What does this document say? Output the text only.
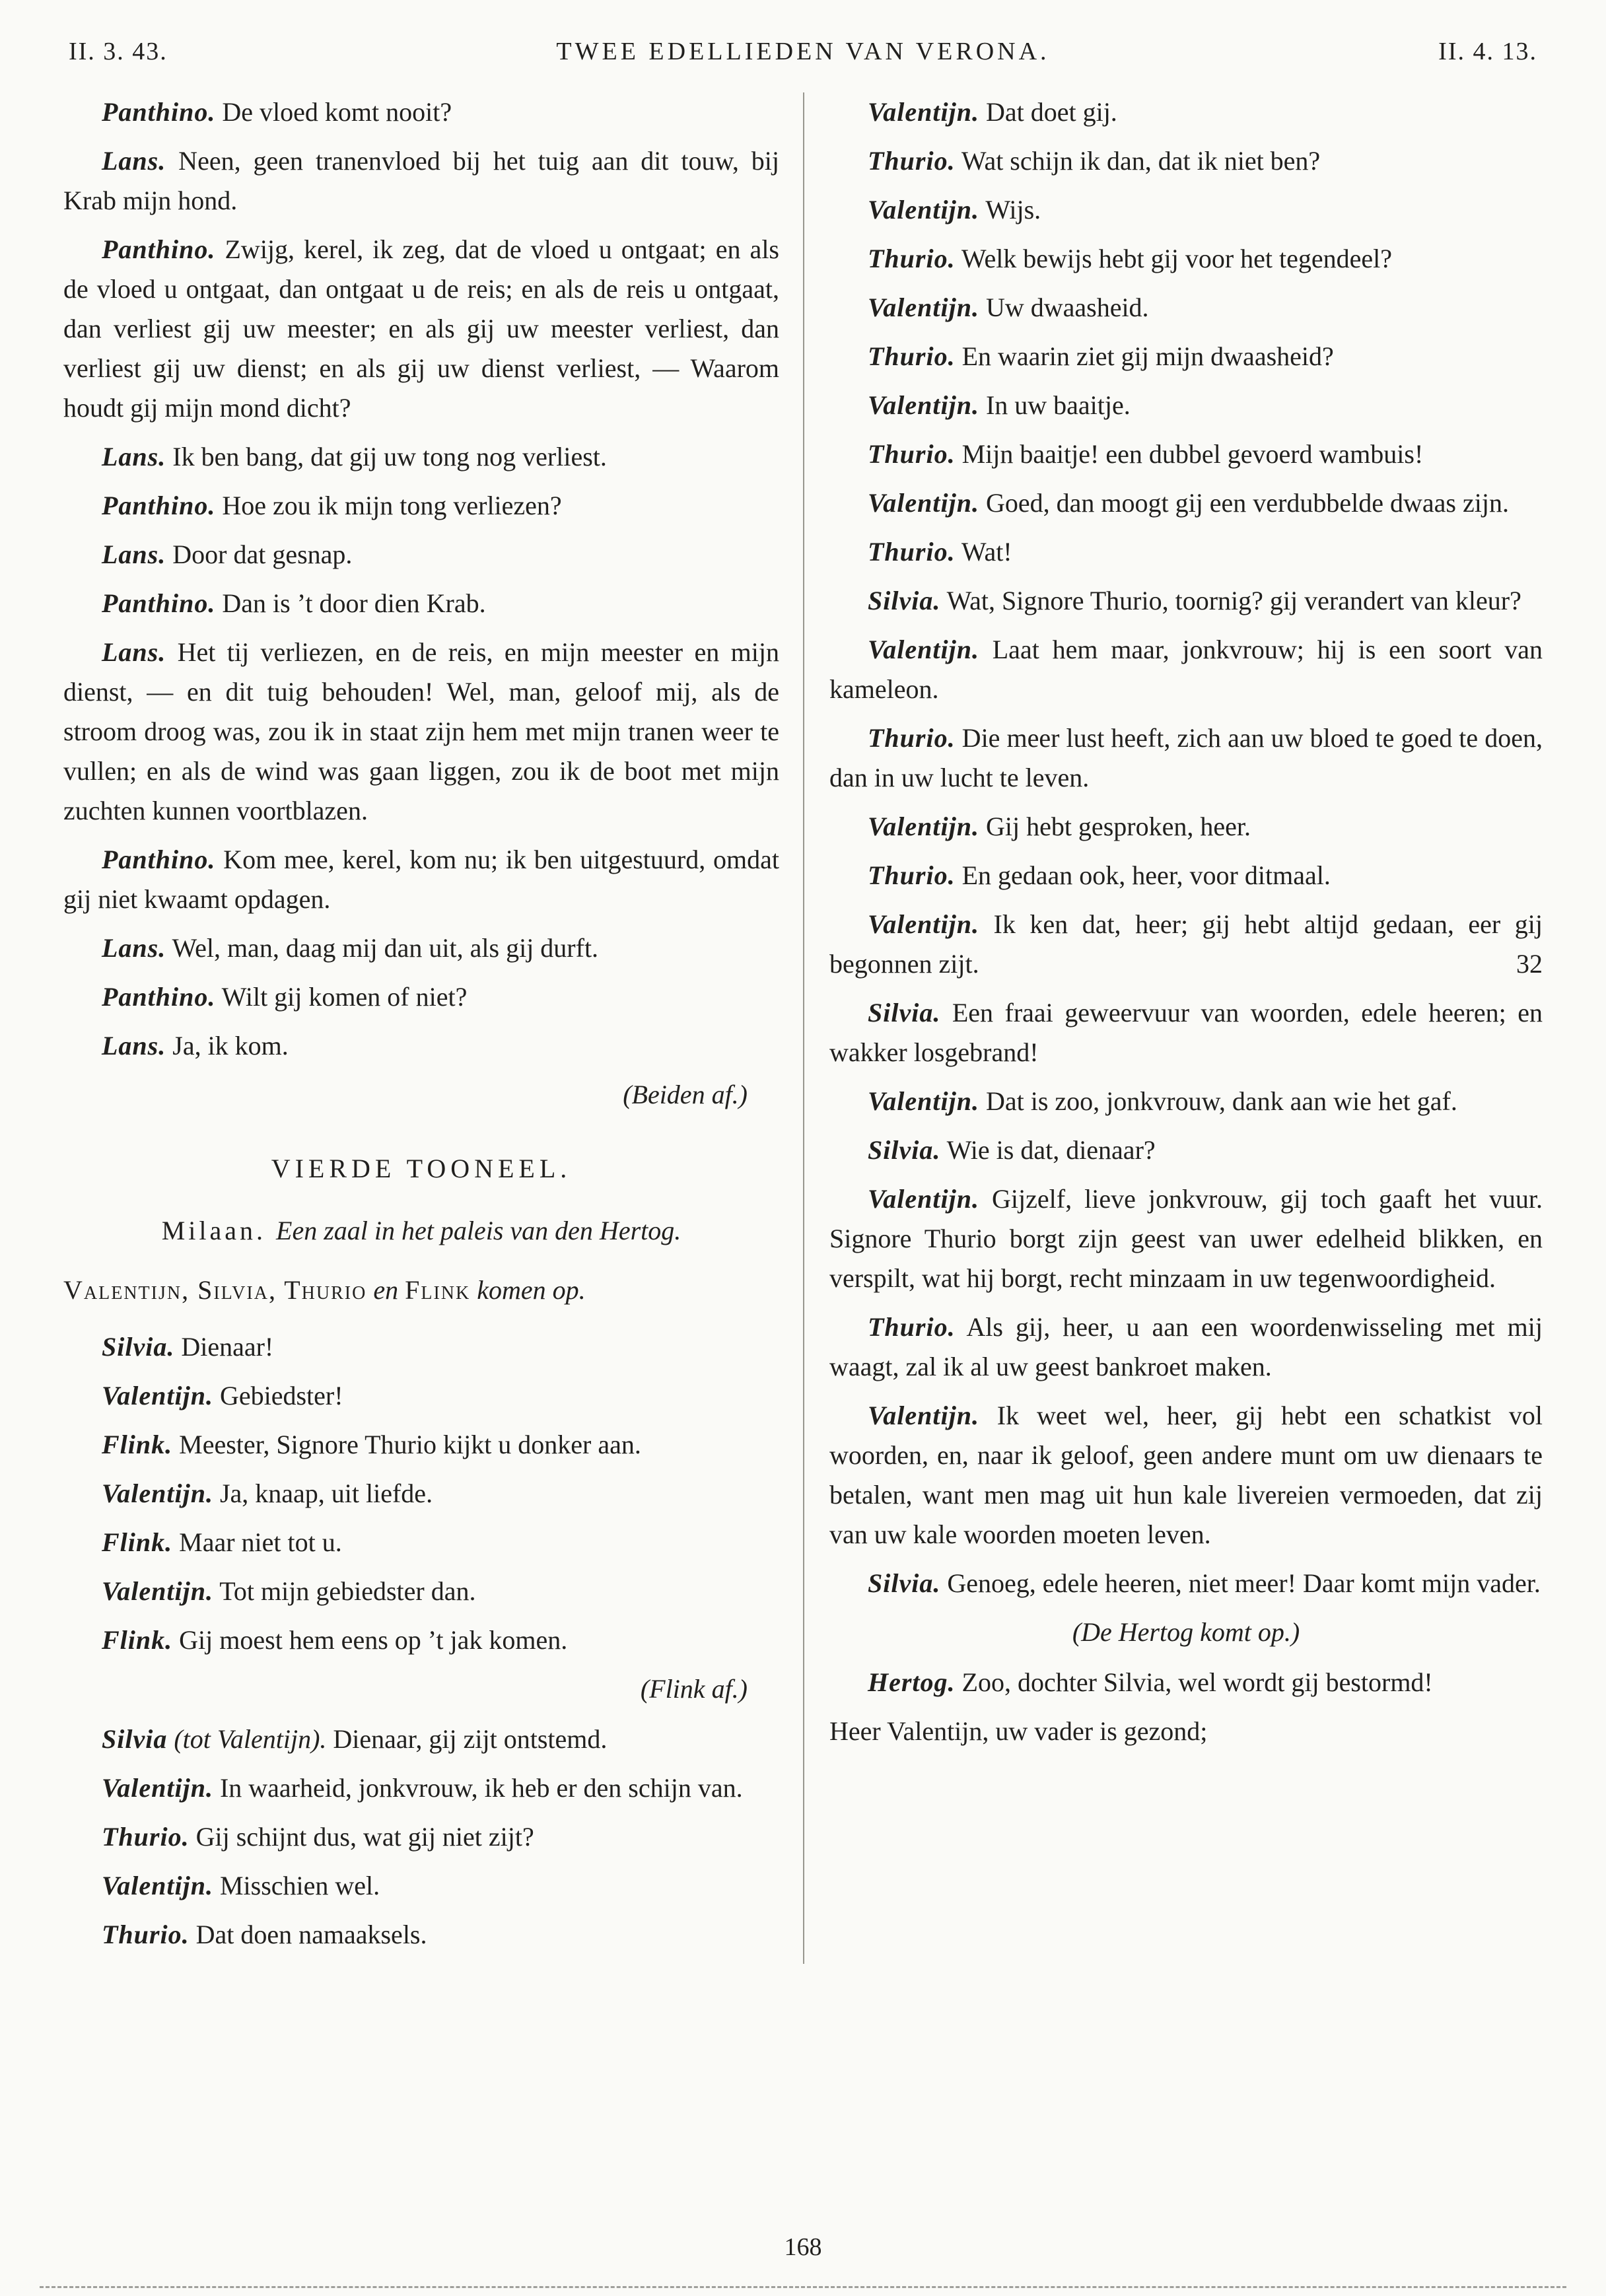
II. 3. 43.	TWEE EDELLIEDEN VAN VERONA.	II. 4. 13.

Panthino. De vloed komt nooit?

Lans. Neen, geen tranenvloed bij het tuig aan dit touw, bij Krab mijn hond.

Panthino. Zwijg, kerel, ik zeg, dat de vloed u ontgaat; en als de vloed u ontgaat, dan ontgaat u de reis; en als de reis u ontgaat, dan verliest gij uw meester; en als gij uw meester verliest, dan verliest gij uw dienst; en als gij uw dienst verliest, — Waarom houdt gij mijn mond dicht?

Lans. Ik ben bang, dat gij uw tong nog verliest.

Panthino. Hoe zou ik mijn tong verliezen?

Lans. Door dat gesnap.

Panthino. Dan is ’t door dien Krab.

Lans. Het tij verliezen, en de reis, en mijn meester en mijn dienst, — en dit tuig behouden! Wel, man, geloof mij, als de stroom droog was, zou ik in staat zijn hem met mijn tranen weer te vullen; en als de wind was gaan liggen, zou ik de boot met mijn zuchten kunnen voortblazen.

Panthino. Kom mee, kerel, kom nu; ik ben uitgestuurd, omdat gij niet kwaamt opdagen.

Lans. Wel, man, daag mij dan uit, als gij durft.

Panthino. Wilt gij komen of niet?

Lans. Ja, ik kom.

(Beiden af.)

VIERDE TOONEEL.

Milaan. Een zaal in het paleis van den Hertog.

Valentijn, Silvia, Thurio en Flink komen op.

Silvia. Dienaar!

Valentijn. Gebiedster!

Flink. Meester, Signore Thurio kijkt u donker aan.

Valentijn. Ja, knaap, uit liefde.

Flink. Maar niet tot u.

Valentijn. Tot mijn gebiedster dan.

Flink. Gij moest hem eens op ’t jak komen.

(Flink af.)

Silvia (tot Valentijn). Dienaar, gij zijt ontstemd.

Valentijn. In waarheid, jonkvrouw, ik heb er den schijn van.

Thurio. Gij schijnt dus, wat gij niet zijt?

Valentijn. Misschien wel.

Thurio. Dat doen namaaksels.

Valentijn. Dat doet gij.

Thurio. Wat schijn ik dan, dat ik niet ben?

Valentijn. Wijs.

Thurio. Welk bewijs hebt gij voor het tegendeel?

Valentijn. Uw dwaasheid.

Thurio. En waarin ziet gij mijn dwaasheid?

Valentijn. In uw baaitje.

Thurio. Mijn baaitje! een dubbel gevoerd wambuis!

Valentijn. Goed, dan moogt gij een verdubbelde dwaas zijn.

Thurio. Wat!

Silvia. Wat, Signore Thurio, toornig? gij verandert van kleur?

Valentijn. Laat hem maar, jonkvrouw; hij is een soort van kameleon.

Thurio. Die meer lust heeft, zich aan uw bloed te goed te doen, dan in uw lucht te leven.

Valentijn. Gij hebt gesproken, heer.

Thurio. En gedaan ook, heer, voor ditmaal.

Valentijn. Ik ken dat, heer; gij hebt altijd gedaan, eer gij begonnen zijt.	32

Silvia. Een fraai geweervuur van woorden, edele heeren; en wakker losgebrand!

Valentijn. Dat is zoo, jonkvrouw, dank aan wie het gaf.

Silvia. Wie is dat, dienaar?

Valentijn. Gijzelf, lieve jonkvrouw, gij toch gaaft het vuur. Signore Thurio borgt zijn geest van uwer edelheid blikken, en verspilt, wat hij borgt, recht minzaam in uw tegenwoordigheid.

Thurio. Als gij, heer, u aan een woordenwisseling met mij waagt, zal ik al uw geest bankroet maken.

Valentijn. Ik weet wel, heer, gij hebt een schatkist vol woorden, en, naar ik geloof, geen andere munt om uw dienaars te betalen, want men mag uit hun kale livereien vermoeden, dat zij van uw kale woorden moeten leven.

Silvia. Genoeg, edele heeren, niet meer! Daar komt mijn vader.

(De Hertog komt op.)

Hertog. Zoo, dochter Silvia, wel wordt gij bestormd!

Heer Valentijn, uw vader is gezond;

168
